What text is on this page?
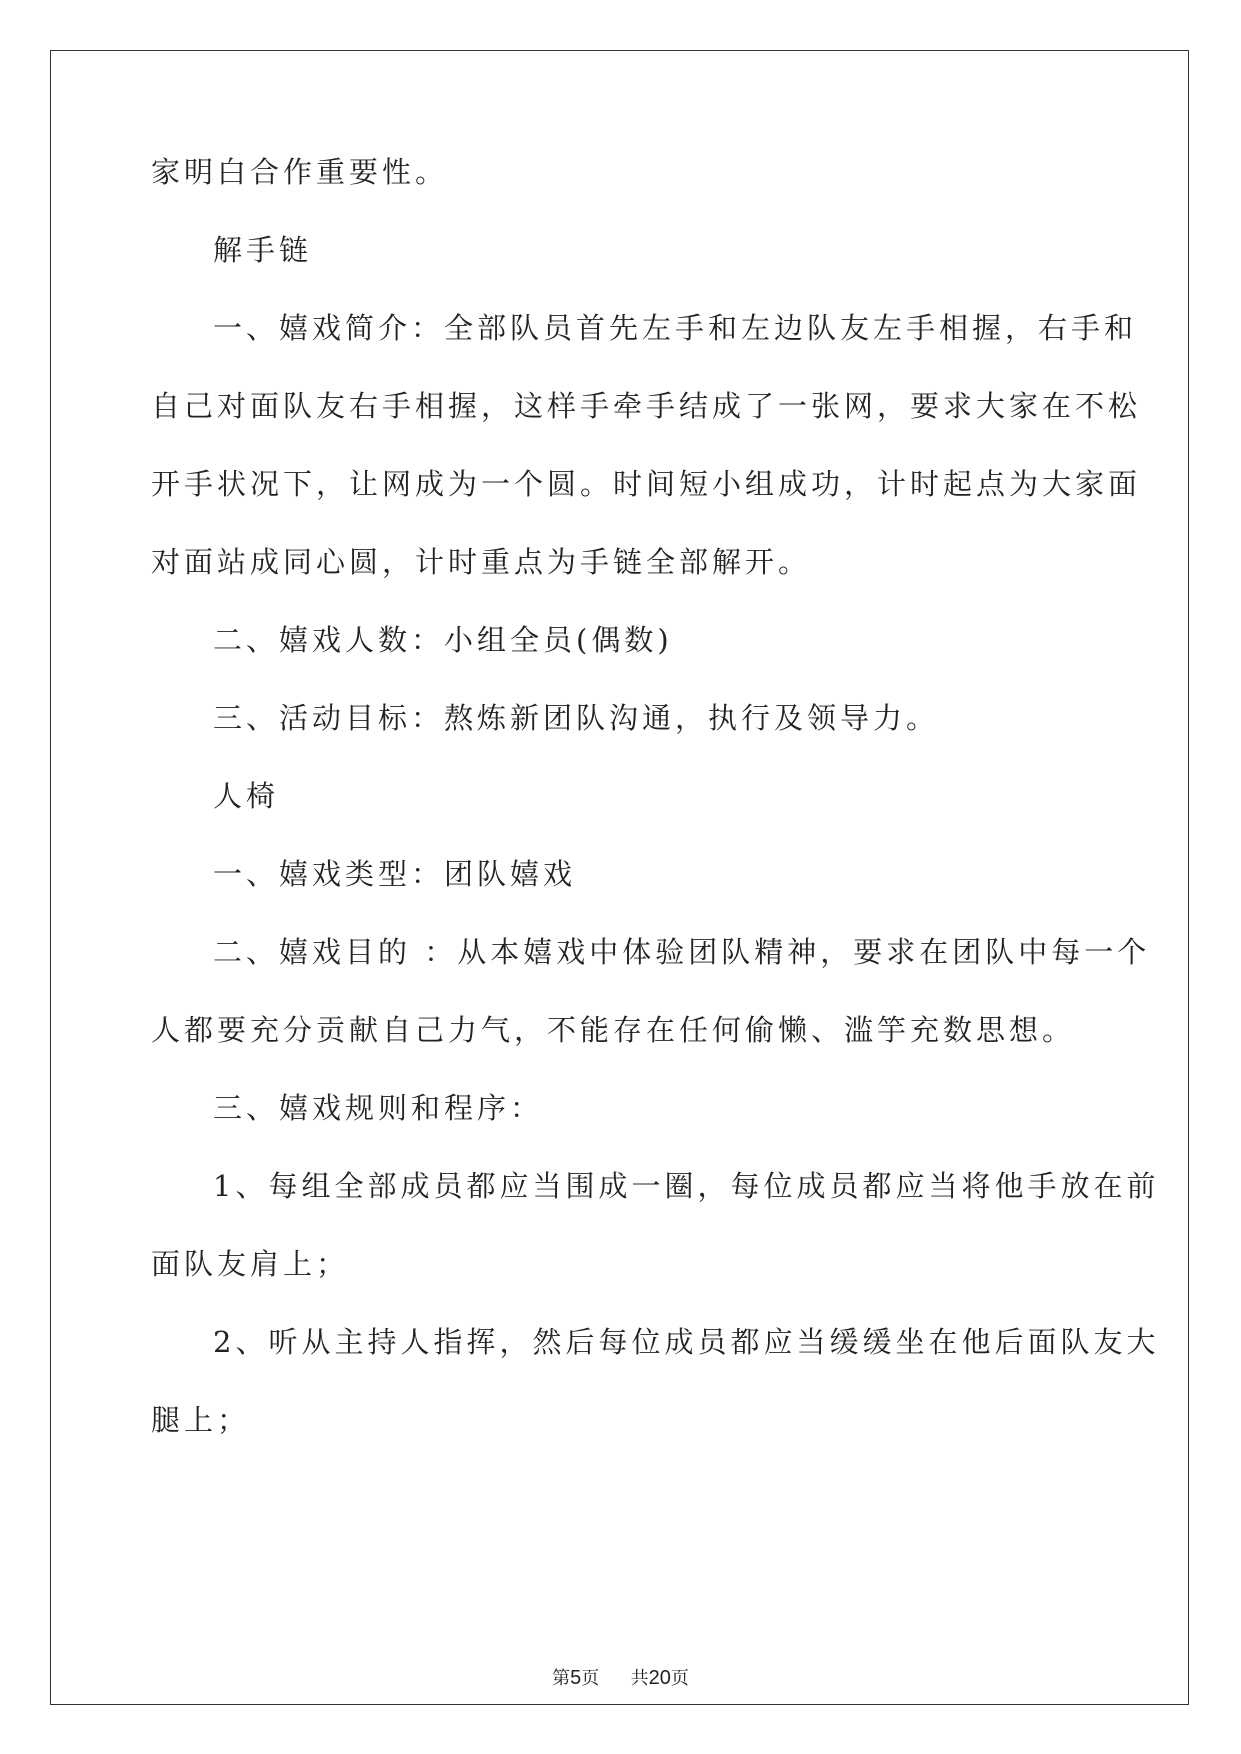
家明白合作重要性。
解手链
一、嬉戏简介：全部队员首先左手和左边队友左手相握，右手和
自己对面队友右手相握，这样手牵手结成了一张网，要求大家在不松
开手状况下，让网成为一个圆。时间短小组成功，计时起点为大家面
对面站成同心圆，计时重点为手链全部解开。
二、嬉戏人数：小组全员(偶数)
三、活动目标：熬炼新团队沟通，执行及领导力。
人椅
一、嬉戏类型：团队嬉戏
二、嬉戏目的 ：从本嬉戏中体验团队精神，要求在团队中每一个
人都要充分贡献自己力气，不能存在任何偷懒、滥竽充数思想。
三、嬉戏规则和程序：
1、每组全部成员都应当围成一圈，每位成员都应当将他手放在前
面队友肩上；
2、听从主持人指挥，然后每位成员都应当缓缓坐在他后面队友大
腿上；
第5页 共20页
